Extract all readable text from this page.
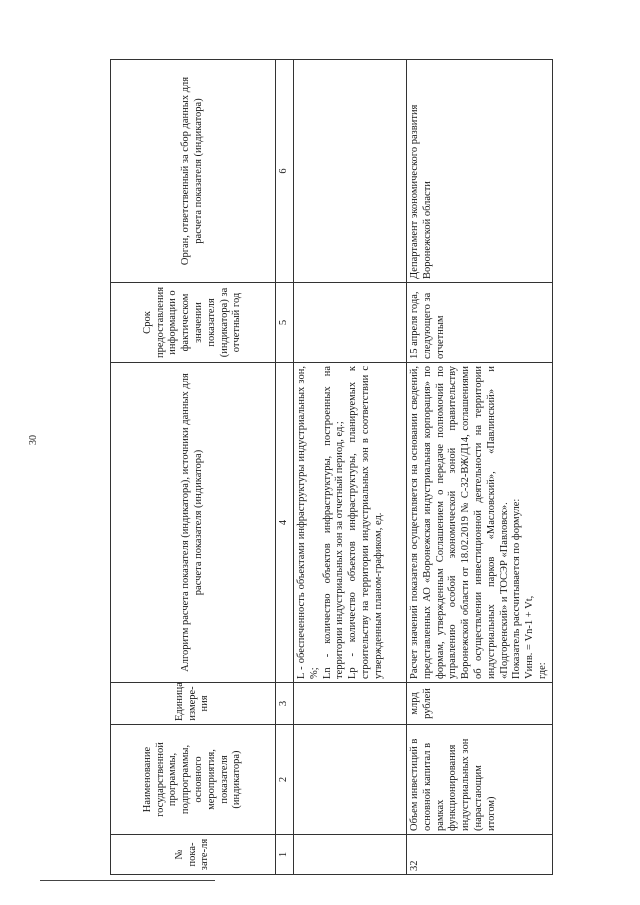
30
№ пока-зате-ля	Наименование государственной программы, подпрограммы, основного мероприятия, показателя (индикатора)	Единица измере-ния	Алгоритм расчета показателя (индикатора), источники данных для расчета показателя (индикатора)	Срок предоставления информации о фактическом значении показателя (индикатора) за отчетный год	Орган, ответственный за сбор данных для расчета показателя (индикатора)
1	2	3	4	5	6

			L - обеспеченность объектами инфраструктуры индустриальных зон, %; Ln - количество объектов инфраструктуры, построенных на территории индустриальных зон за отчетный период, ед.; Lp - количество объектов инфраструктуры, планируемых к строительству на территории индустриальных зон в соответствии с утвержденным планом-графиком, ед.		

32	Объем инвестиций в основной капитал в рамках функционирования индустриальных зон (нарастающим итогом)	млрд рублей	Расчет значений показателя осуществляется на основании сведений, представленных АО «Воронежская индустриальная корпорация» по формам, утвержденным Соглашением о передаче полномочий по управлению особой экономической зоной правительству Воронежской области от 18.02.2019 № С-32-ВЖ/Д14, соглашениями об осуществлении инвестиционной деятельности на территории индустриальных парков «Масловский», «Павлинский» и «Подгоренский» и ТОСЭР «Павловск». Показатель рассчитывается по формуле: Vинв. = Vn-1 + Vt, где:	15 апреля года, следующего за отчетным	Департамент экономического развития Воронежской области
